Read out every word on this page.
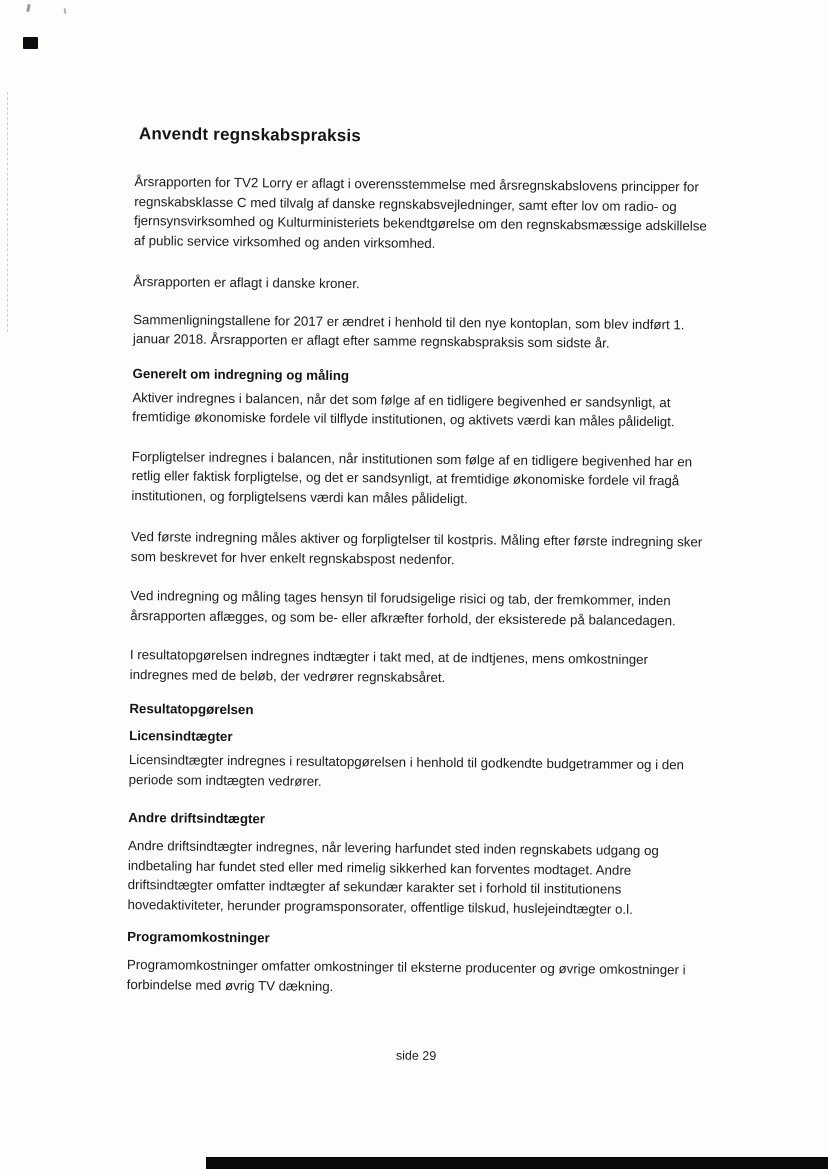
Anvendt regnskabspraksis

Årsrapporten for TV2 Lorry er aflagt i overensstemmelse med årsregnskabslovens principper for regnskabsklasse C med tilvalg af danske regnskabsvejledninger, samt efter lov om radio- og fjernsynsvirksomhed og Kulturministeriets bekendtgørelse om den regnskabsmæssige adskillelse af public service virksomhed og anden virksomhed.

Årsrapporten er aflagt i danske kroner.

Sammenligningstallene for 2017 er ændret i henhold til den nye kontoplan, som blev indført 1. januar 2018. Årsrapporten er aflagt efter samme regnskabspraksis som sidste år.

Generelt om indregning og måling

Aktiver indregnes i balancen, når det som følge af en tidligere begivenhed er sandsynligt, at fremtidige økonomiske fordele vil tilflyde institutionen, og aktivets værdi kan måles pålideligt.

Forpligtelser indregnes i balancen, når institutionen som følge af en tidligere begivenhed har en retlig eller faktisk forpligtelse, og det er sandsynligt, at fremtidige økonomiske fordele vil fragå institutionen, og forpligtelsens værdi kan måles pålideligt.

Ved første indregning måles aktiver og forpligtelser til kostpris. Måling efter første indregning sker som beskrevet for hver enkelt regnskabspost nedenfor.

Ved indregning og måling tages hensyn til forudsigelige risici og tab, der fremkommer, inden årsrapporten aflægges, og som be- eller afkræfter forhold, der eksisterede på balancedagen.

I resultatopgørelsen indregnes indtægter i takt med, at de indtjenes, mens omkostninger indregnes med de beløb, der vedrører regnskabsåret.

Resultatopgørelsen
Licensindtægter

Licensindtægter indregnes i resultatopgørelsen i henhold til godkendte budgetrammer og i den periode som indtægten vedrører.

Andre driftsindtægter

Andre driftsindtægter indregnes, når levering harfundet sted inden regnskabets udgang og indbetaling har fundet sted eller med rimelig sikkerhed kan forventes modtaget. Andre driftsindtægter omfatter indtægter af sekundær karakter set i forhold til institutionens hovedaktiviteter, herunder programsponsorater, offentlige tilskud, huslejeindtægter o.l.

Programomkostninger

Programomkostninger omfatter omkostninger til eksterne producenter og øvrige omkostninger i forbindelse med øvrig TV dækning.

side 29
